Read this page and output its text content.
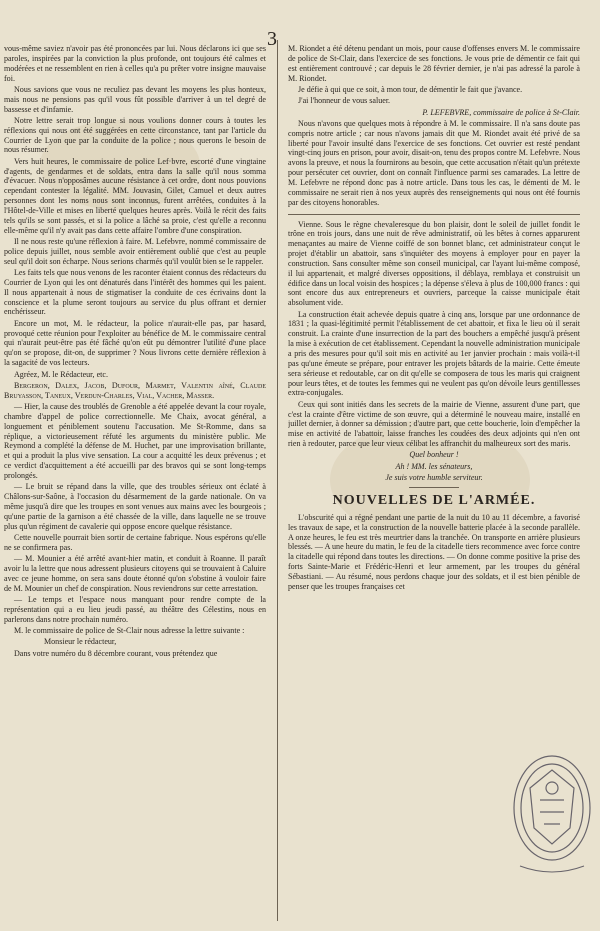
3

vous-même saviez n'avoir pas été prononcées par lui. Nous déclarons ici que ses paroles, inspirées par la conviction la plus profonde, ont toujours été calmes et modérées et ne ressemblent en rien à celles qu'a pu prêter votre insigne mauvaise foi.

Nous savions que vous ne reculiez pas devant les moyens les plus honteux, mais nous ne pensions pas qu'il vous fût possible d'arriver à un tel degré de bassesse et d'infamie.

Notre lettre serait trop longue si nous voulions donner cours à toutes les réflexions qui nous ont été suggérées en cette circonstance, tant par l'article du Courrier de Lyon que par la conduite de la police ; nous querons le besoin de nous résumer.

Vers huit heures, le commissaire de police Lef·bvre, escorté d'une vingtaine d'agents, de gendarmes et de soldats, entra dans la salle qu'il nous somma d'évacuer. Nous n'opposâmes aucune résistance à cet ordre, dont nous pouvions cependant contester la légalité. MM. Jouvasin, Gilet, Camuel et deux autres personnes dont les noms nous sont inconnus, furent arrêtées, conduites à la l'Hôtel-de-Ville et mises en liberté quelques heures après. Voilà le récit des faits tels qu'ils se sont passés, et si la police a lâché sa proie, c'est qu'elle a reconnu elle-même qu'il n'y avait pas dans cette affaire l'ombre d'une conspiration.

Il ne nous reste qu'une réflexion à faire. M. Lefebvre, nommé commissaire de police depuis juillet, nous semble avoir entièrement oublié que c'est au peuple seul qu'il doit son écharpe. Nous serions charmés qu'il voulût bien se le rappeler.

Les faits tels que nous venons de les raconter étaient connus des rédacteurs du Courrier de Lyon qui les ont dénaturés dans l'intérêt des hommes qui les paient. Il nous appartenait à nous de stigmatiser la conduite de ces écrivains dont la conscience et la plume seront toujours au service du plus offrant et dernier enchérisseur.

Encore un mot, M. le rédacteur, la police n'aurait-elle pas, par hasard, provoqué cette réunion pour l'exploiter au bénéfice de M. le commissaire central qui n'aurait peut-être pas été fâché qu'on eût pu démontrer l'utilité d'une place qu'on se propose, dit-on, de supprimer ? Nous livrons cette dernière réflexion à la sagacité de vos lecteurs.

Agréez, M. le Rédacteur, etc.

Bergeron, Dalex, Jacob, Dufour, Marmet, Valentin aîné, Claude Bruyasson, Taneux, Verdun-Charles, Vial, Vacher, Masser.

— Hier, la cause des troublés de Grenoble a été appelée devant la cour royale, chambre d'appel de police correctionnelle. Me Chaix, avocat général, a longuement et péniblement soutenu l'accusation. Me St-Romme, dans sa réplique, a victorieusement réfuté les arguments du ministère public. Me Reymond a complété la défense de M. Huchet, par une improvisation brillante, et qui a produit la plus vive sensation. La cour a acquitté les deux prévenus ; et ce verdict d'acquittement a été accueilli par des bravos qui se sont long-temps prolongés.

— Le bruit se répand dans la ville, que des troubles sérieux ont éclaté à Châlons-sur-Saône, à l'occasion du désarmement de la garde nationale. On va même jusqu'à dire que les troupes en sont venues aux mains avec les bourgeois ; qu'une partie de la garnison a été chassée de la ville, dans laquelle ne se trouve plus qu'un régiment de cavalerie qui oppose encore quelque résistance.

Cette nouvelle pourrait bien sortir de certaine fabrique. Nous espérons qu'elle ne se confirmera pas.

— M. Mounier a été arrêté avant-hier matin, et conduit à Roanne. Il paraît avoir lu la lettre que nous adressent plusieurs citoyens qui se trouvaient à Caluire avec ce jeune homme, on sera sans doute étonné qu'on s'obstine à vouloir faire de M. Mounier un chef de conspiration. Nous reviendrons sur cette arrestation.

— Le temps et l'espace nous manquant pour rendre compte de la représentation qui a eu lieu jeudi passé, au théâtre des Célestins, nous en parlerons dans notre prochain numéro.

M. le commissaire de police de St-Clair nous adresse la lettre suivante :

Monsieur le rédacteur,

Dans votre numéro du 8 décembre courant, vous prétendez que

M. Riondet a été détenu pendant un mois, pour cause d'offenses envers M. le commissaire de police de St-Clair, dans l'exercice de ses fonctions. Je vous prie de démentir ce fait qui est entièrement controuvé ; car depuis le 28 février dernier, je n'ai pas adressé la parole à M. Riondet.

Je défie à qui que ce soit, à mon tour, de démentir le fait que j'avance.

J'ai l'honneur de vous saluer.

P. LEFEBVRE, commissaire de police à St-Clair.

Nous n'avons que quelques mots à répondre à M. le commissaire. Il n'a sans doute pas compris notre article ; car nous n'avons jamais dit que M. Riondet avait été privé de sa liberté pour l'avoir insulté dans l'exercice de ses fonctions. Cet ouvrier est resté pendant vingt-cinq jours en prison, pour avoir, disait-on, tenu des propos contre M. Lefebvre. Nous avons la preuve, et nous la fournirons au besoin, que cette accusation n'était qu'un prétexte pour persécuter cet ouvrier, dont on connaît l'influence parmi ses camarades. La lettre de M. Lefebvre ne répond donc pas à notre article. Dans tous les cas, le démenti de M. le commissaire ne serait rien à nos yeux auprès des renseignements qui nous ont été fournis par des citoyens honorables.

Vienne. Sous le règne chevaleresque du bon plaisir, dont le soleil de juillet fondit le trône en trois jours, dans une nuit de rêve administratif, où les bêtes à cornes apparurent menaçantes au maire de Vienne coiffé de son bonnet blanc, cet administrateur conçut le projet d'établir un abattoir, sans s'inquiéter des moyens à employer pour en payer la construction. Sans consulter même son conseil municipal, car l'ayant lui-même composé, il lui appartenait, et malgré diverses oppositions, il déblaya, remblaya et construisit un édifice dans un local voisin des hospices ; la dépense s'éleva à plus de 100,000 francs : qui sont encore dus aux entrepreneurs et ouvriers, parceque la caisse municipale était absolument vide.

La construction était achevée depuis quatre à cinq ans, lorsque par une ordonnance de 1831 ; la quasi-légitimité permit l'établissement de cet abattoir, et fixa le lieu où il serait construit. La crainte d'une insurrection de la part des bouchers a empêché jusqu'à présent la mise à exécution de cet établissement. Cependant la nouvelle administration municipale a pris des mesures pour qu'il soit mis en activité au 1er janvier prochain : mais voilà-t-il pas qu'une émeute se prépare, pour entraver les projets bâtards de la mairie. Cette émeute sera sérieuse et redoutable, car on dit qu'elle se composera de tous les maris qui craignent pour leurs têtes, et de toutes les femmes qui ne veulent pas qu'on dévoile leurs gentillesses extra-conjugales.

Ceux qui sont initiés dans les secrets de la mairie de Vienne, assurent d'une part, que c'est la crainte d'être victime de son œuvre, qui a déterminé le nouveau maire, installé en juillet dernier, à donner sa démission ; d'autre part, que cette boucherie, loin d'empêcher la mise en activité de l'abattoir, laisse franches les coudées des deux adjoints qui n'en ont rien à redouter, parce que leur vieux célibat les affranchit du malheureux sort des maris.

Quel bonheur !

Ah ! MM. les sénateurs,

Je suis votre humble serviteur.

NOUVELLES DE L'ARMÉE.

L'obscurité qui a régné pendant une partie de la nuit du 10 au 11 décembre, a favorisé les travaux de sape, et la construction de la nouvelle batterie placée à la seconde parallèle. A onze heures, le feu est très meurtrier dans la tranchée. On transporte en arrière plusieurs blessés. — A une heure du matin, le feu de la citadelle tiers recommence avec force contre la citadelle qui répond dans toutes les directions. — On donne comme positive la prise des forts Sainte-Marie et Frédéric-Henri et leur armement, par les troupes du général Sébastiani. — Au résumé, nous perdons chaque jour des soldats, et il est bien pénible de penser que les troupes françaises cet
